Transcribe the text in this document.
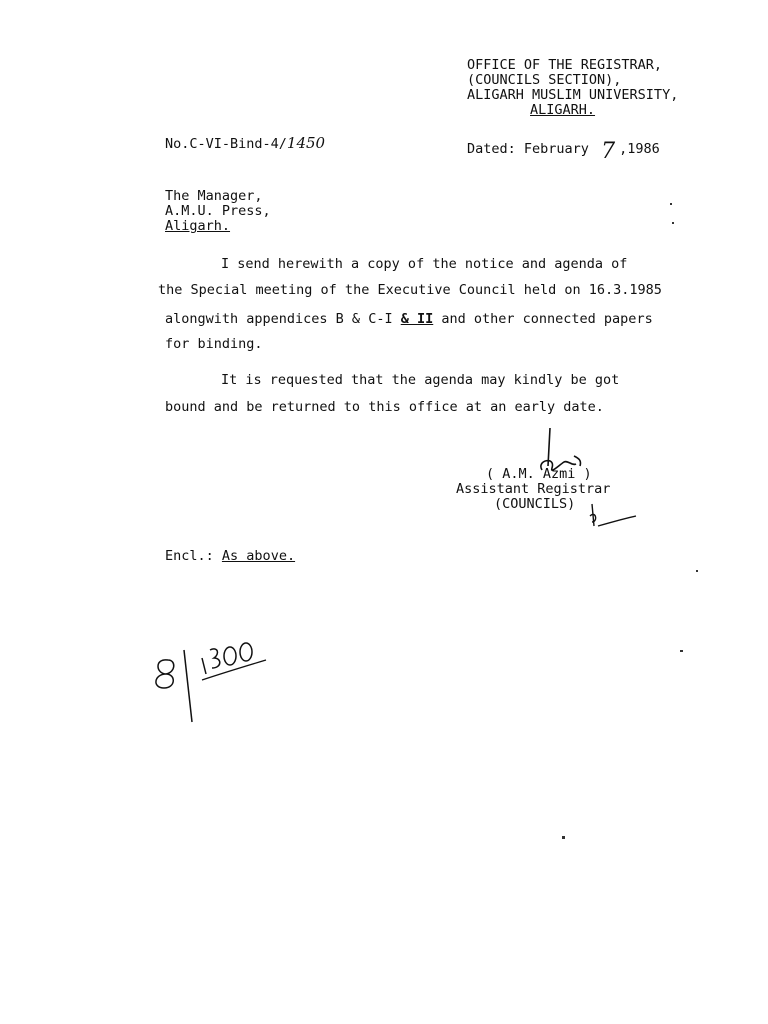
OFFICE OF THE REGISTRAR,
(COUNCILS SECTION),
ALIGARH MUSLIM UNIVERSITY,
ALIGARH.
No.C-VI-Bind-4/1450	Dated: February 7 ,1986
The Manager,
A.M.U. Press,
Aligarh.
I send herewith a copy of the notice and agenda of
the Special meeting of the Executive Council held on 16.3.1985
alongwith appendices B & C-I & II and other connected papers
for binding.
It is requested that the agenda may kindly be got
bound and be returned to this office at an early date.
( A.M. Azmi )
Assistant Registrar
(COUNCILS)
Encl.: As above.
